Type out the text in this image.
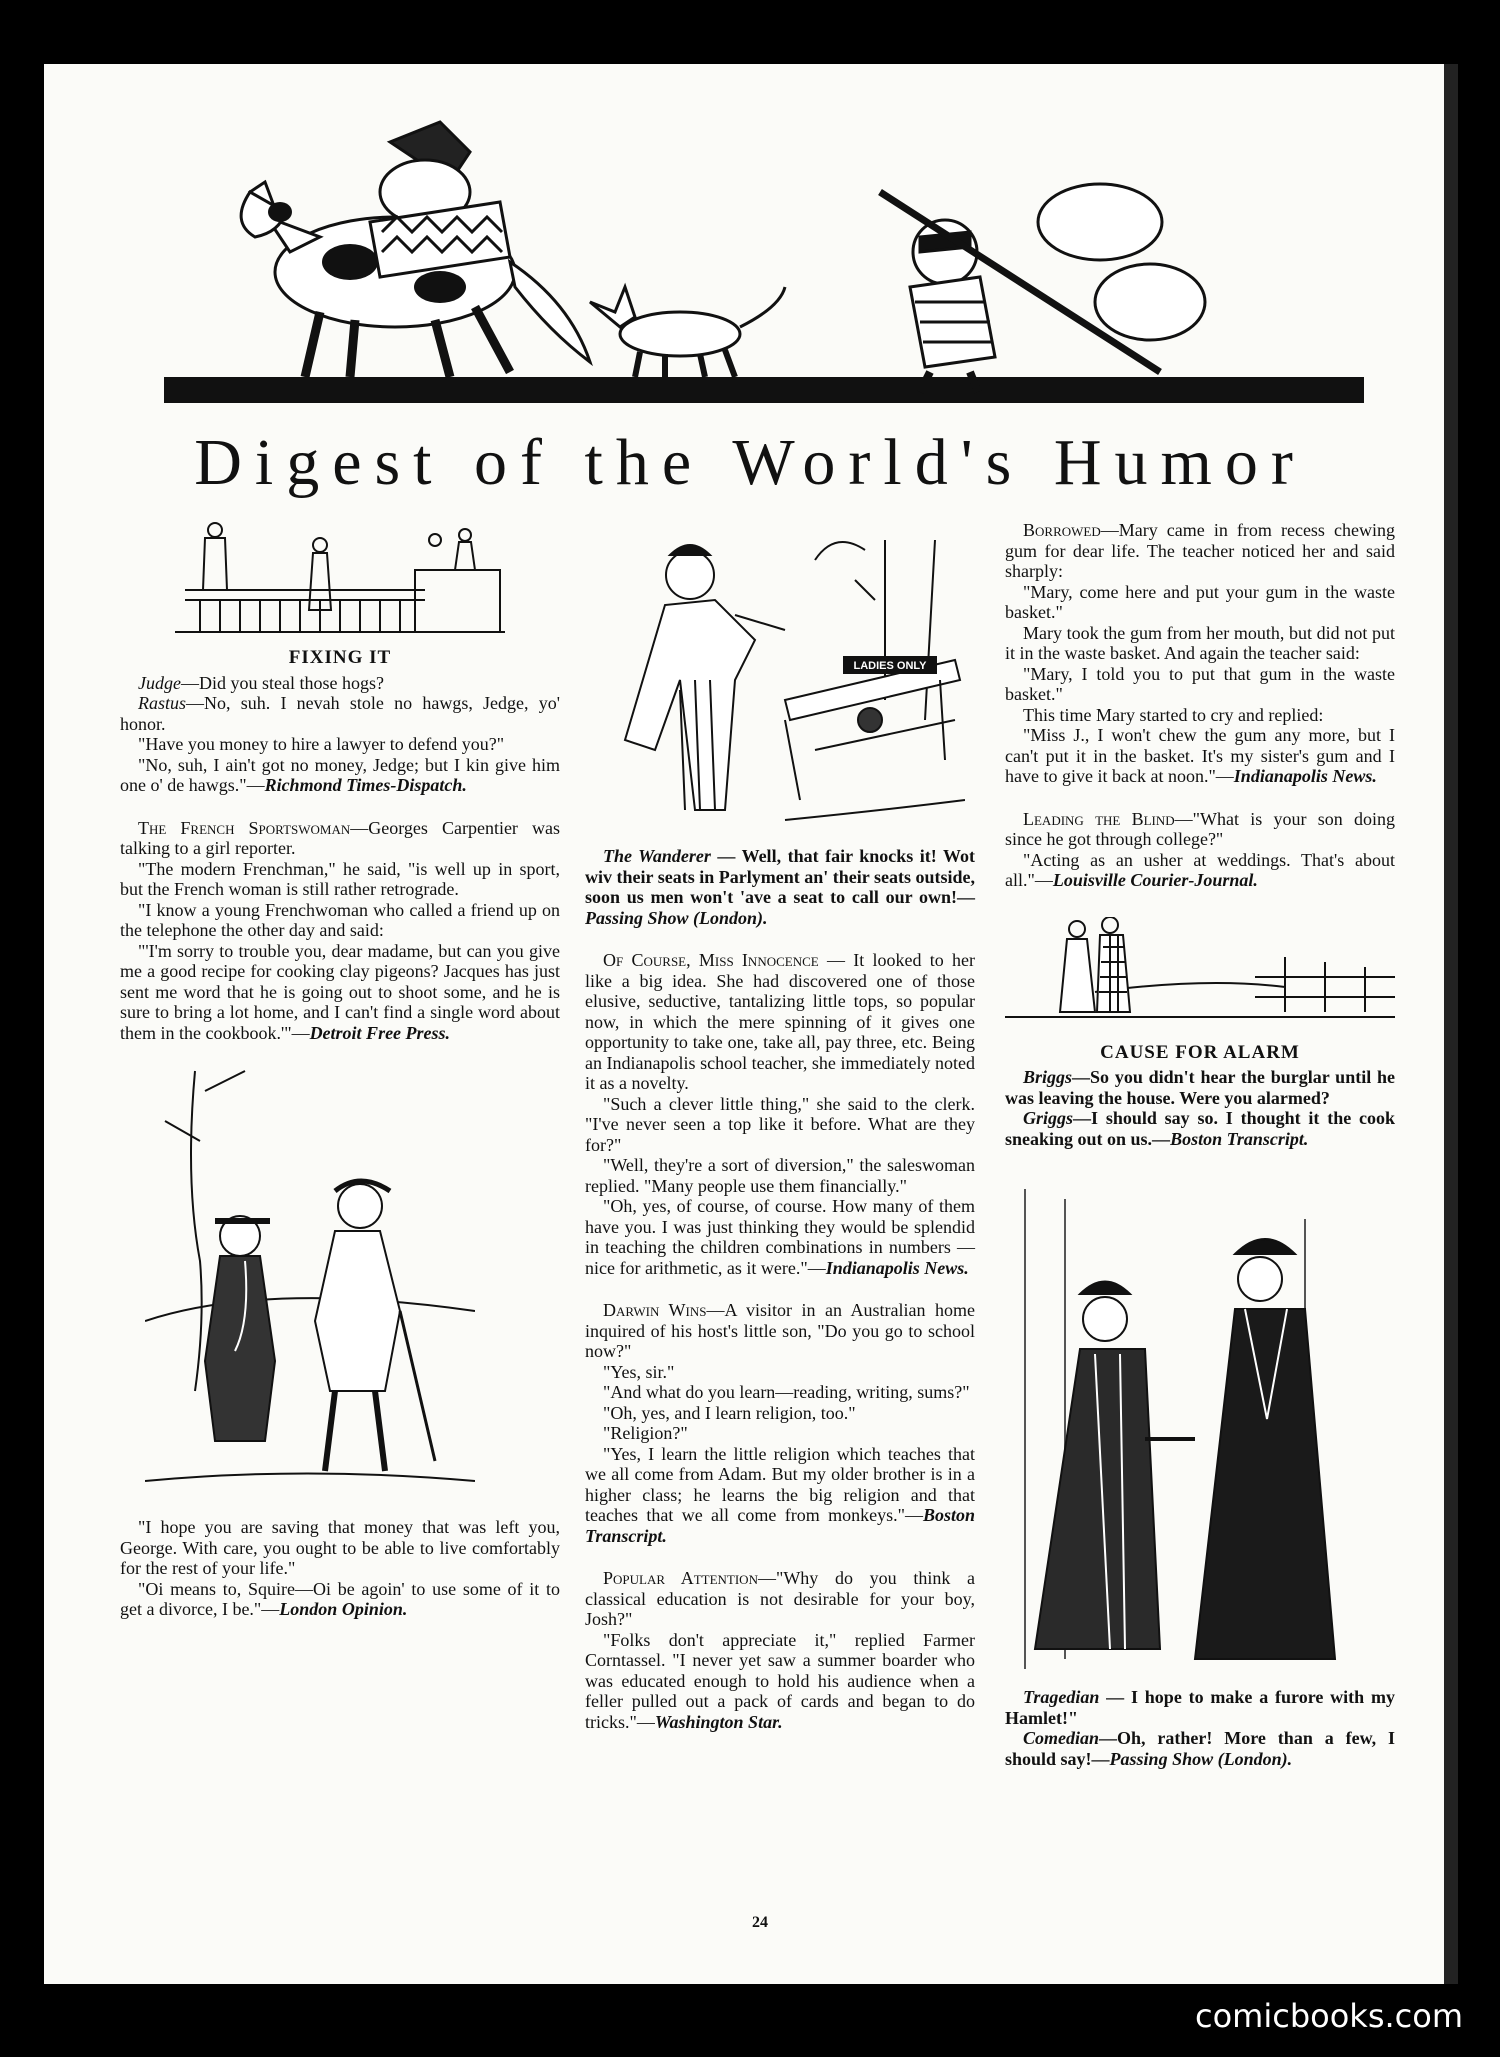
Digest of the World's Humor
FIXING IT

Judge—Did you steal those hogs?

Rastus—No, suh. I nevah stole no hawgs, Jedge, yo' honor.

"Have you money to hire a lawyer to defend you?"

"No, suh, I ain't got no money, Jedge; but I kin give him one o' de hawgs."—Richmond Times-Dispatch.

The French Sportswoman—Georges Carpentier was talking to a girl reporter.

"The modern Frenchman," he said, "is well up in sport, but the French woman is still rather retrograde.

"I know a young Frenchwoman who called a friend up on the telephone the other day and said:

"'I'm sorry to trouble you, dear madame, but can you give me a good recipe for cooking clay pigeons? Jacques has just sent me word that he is going out to shoot some, and he is sure to bring a lot home, and I can't find a single word about them in the cookbook.'"—Detroit Free Press.

"I hope you are saving that money that was left you, George. With care, you ought to be able to live comfortably for the rest of your life."

"Oi means to, Squire—Oi be agoin' to use some of it to get a divorce, I be."—London Opinion.

LADIES ONLY

The Wanderer — Well, that fair knocks it! Wot wiv their seats in Parlyment an' their seats outside, soon us men won't 'ave a seat to call our own!—Passing Show (London).

Of Course, Miss Innocence — It looked to her like a big idea. She had discovered one of those elusive, seductive, tantalizing little tops, so popular now, in which the mere spinning of it gives one opportunity to take one, take all, pay three, etc. Being an Indianapolis school teacher, she immediately noted it as a novelty.

"Such a clever little thing," she said to the clerk. "I've never seen a top like it before. What are they for?"

"Well, they're a sort of diversion," the saleswoman replied. "Many people use them financially."

"Oh, yes, of course, of course. How many of them have you. I was just thinking they would be splendid in teaching the children combinations in numbers — nice for arithmetic, as it were."—Indianapolis News.

Darwin Wins—A visitor in an Australian home inquired of his host's little son, "Do you go to school now?"

"Yes, sir."

"And what do you learn—reading, writing, sums?"

"Oh, yes, and I learn religion, too."

"Religion?"

"Yes, I learn the little religion which teaches that we all come from Adam. But my older brother is in a higher class; he learns the big religion and that teaches that we all come from monkeys."—Boston Transcript.

Popular Attention—"Why do you think a classical education is not desirable for your boy, Josh?"

"Folks don't appreciate it," replied Farmer Corntassel. "I never yet saw a summer boarder who was educated enough to hold his audience when a feller pulled out a pack of cards and began to do tricks."—Washington Star.

Borrowed—Mary came in from recess chewing gum for dear life. The teacher noticed her and said sharply:

"Mary, come here and put your gum in the waste basket."

Mary took the gum from her mouth, but did not put it in the waste basket. And again the teacher said:

"Mary, I told you to put that gum in the waste basket."

This time Mary started to cry and replied:

"Miss J., I won't chew the gum any more, but I can't put it in the basket. It's my sister's gum and I have to give it back at noon."—Indianapolis News.

Leading the Blind—"What is your son doing since he got through college?"

"Acting as an usher at weddings. That's about all."—Louisville Courier-Journal.

CAUSE FOR ALARM

Briggs—So you didn't hear the burglar until he was leaving the house. Were you alarmed?

Griggs—I should say so. I thought it the cook sneaking out on us.—Boston Transcript.

Tragedian — I hope to make a furore with my Hamlet!"

Comedian—Oh, rather! More than a few, I should say!—Passing Show (London).

24
comicbooks.com
